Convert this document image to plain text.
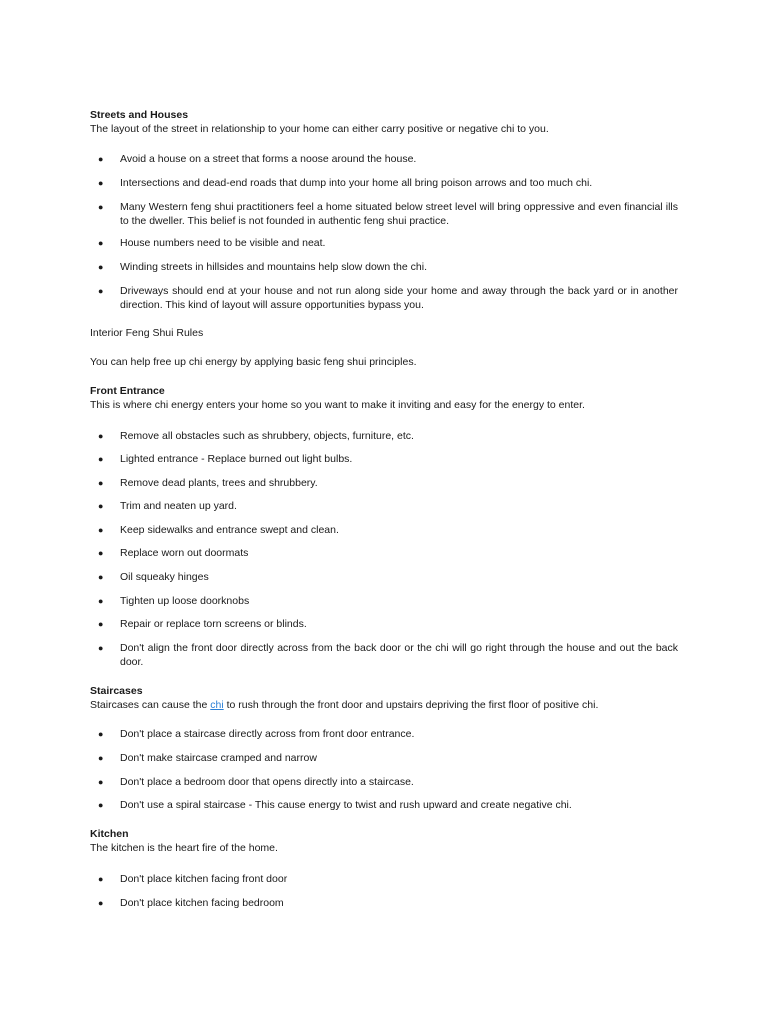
Streets and Houses
The layout of the street in relationship to your home can either carry positive or negative chi to you.
● Avoid a house on a street that forms a noose around the house.
● Intersections and dead-end roads that dump into your home all bring poison arrows and too much chi.
● Many Western feng shui practitioners feel a home situated below street level will bring oppressive and even financial ills to the dweller. This belief is not founded in authentic feng shui practice.
● House numbers need to be visible and neat.
● Winding streets in hillsides and mountains help slow down the chi.
● Driveways should end at your house and not run along side your home and away through the back yard or in another direction. This kind of layout will assure opportunities bypass you.
Interior Feng Shui Rules
You can help free up chi energy by applying basic feng shui principles.
Front Entrance
This is where chi energy enters your home so you want to make it inviting and easy for the energy to enter.
● Remove all obstacles such as shrubbery, objects, furniture, etc.
● Lighted entrance - Replace burned out light bulbs.
● Remove dead plants, trees and shrubbery.
● Trim and neaten up yard.
● Keep sidewalks and entrance swept and clean.
● Replace worn out doormats
● Oil squeaky hinges
● Tighten up loose doorknobs
● Repair or replace torn screens or blinds.
● Don't align the front door directly across from the back door or the chi will go right through the house and out the back door.
Staircases
Staircases can cause the chi to rush through the front door and upstairs depriving the first floor of positive chi.
● Don't place a staircase directly across from front door entrance.
● Don't make staircase cramped and narrow
● Don't place a bedroom door that opens directly into a staircase.
● Don't use a spiral staircase - This cause energy to twist and rush upward and create negative chi.
Kitchen
The kitchen is the heart fire of the home.
● Don't place kitchen facing front door
● Don't place kitchen facing bedroom
